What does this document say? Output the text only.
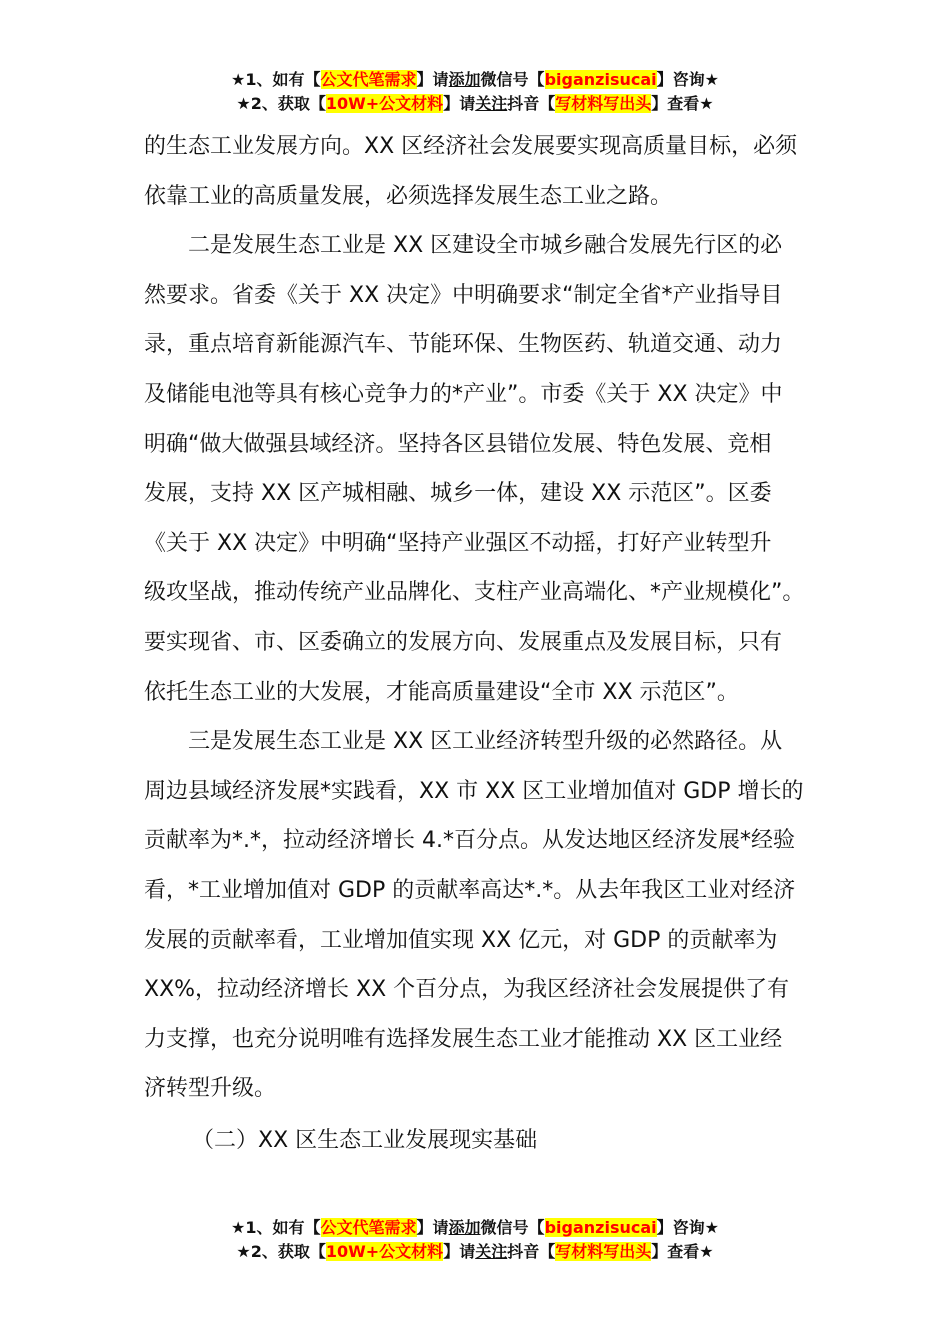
★1、如有【公文代笔需求】请添加微信号【biganzisucai】咨询★
★2、获取【10W+公文材料】请关注抖音【写材料写出头】查看★

的生态工业发展方向。XX 区经济社会发展要实现高质量目标，必须

依靠工业的高质量发展，必须选择发展生态工业之路。

　　二是发展生态工业是 XX 区建设全市城乡融合发展先行区的必

然要求。省委《关于 XX 决定》中明确要求“制定全省*产业指导目

录，重点培育新能源汽车、节能环保、生物医药、轨道交通、动力

及储能电池等具有核心竞争力的*产业”。市委《关于 XX 决定》中

明确“做大做强县域经济。坚持各区县错位发展、特色发展、竞相

发展，支持 XX 区产城相融、城乡一体，建设 XX 示范区”。区委

《关于 XX 决定》中明确“坚持产业强区不动摇，打好产业转型升

级攻坚战，推动传统产业品牌化、支柱产业高端化、*产业规模化”。

要实现省、市、区委确立的发展方向、发展重点及发展目标，只有

依托生态工业的大发展，才能高质量建设“全市 XX 示范区”。

　　三是发展生态工业是 XX 区工业经济转型升级的必然路径。从

周边县域经济发展*实践看，XX 市 XX 区工业增加值对 GDP 增长的

贡献率为*.*，拉动经济增长 4.*百分点。从发达地区经济发展*经验

看，*工业增加值对 GDP 的贡献率高达*.*。从去年我区工业对经济

发展的贡献率看，工业增加值实现 XX 亿元，对 GDP 的贡献率为

XX%，拉动经济增长 XX 个百分点，为我区经济社会发展提供了有

力支撑，也充分说明唯有选择发展生态工业才能推动 XX 区工业经

济转型升级。

（二）XX 区生态工业发展现实基础

★1、如有【公文代笔需求】请添加微信号【biganzisucai】咨询★
★2、获取【10W+公文材料】请关注抖音【写材料写出头】查看★
